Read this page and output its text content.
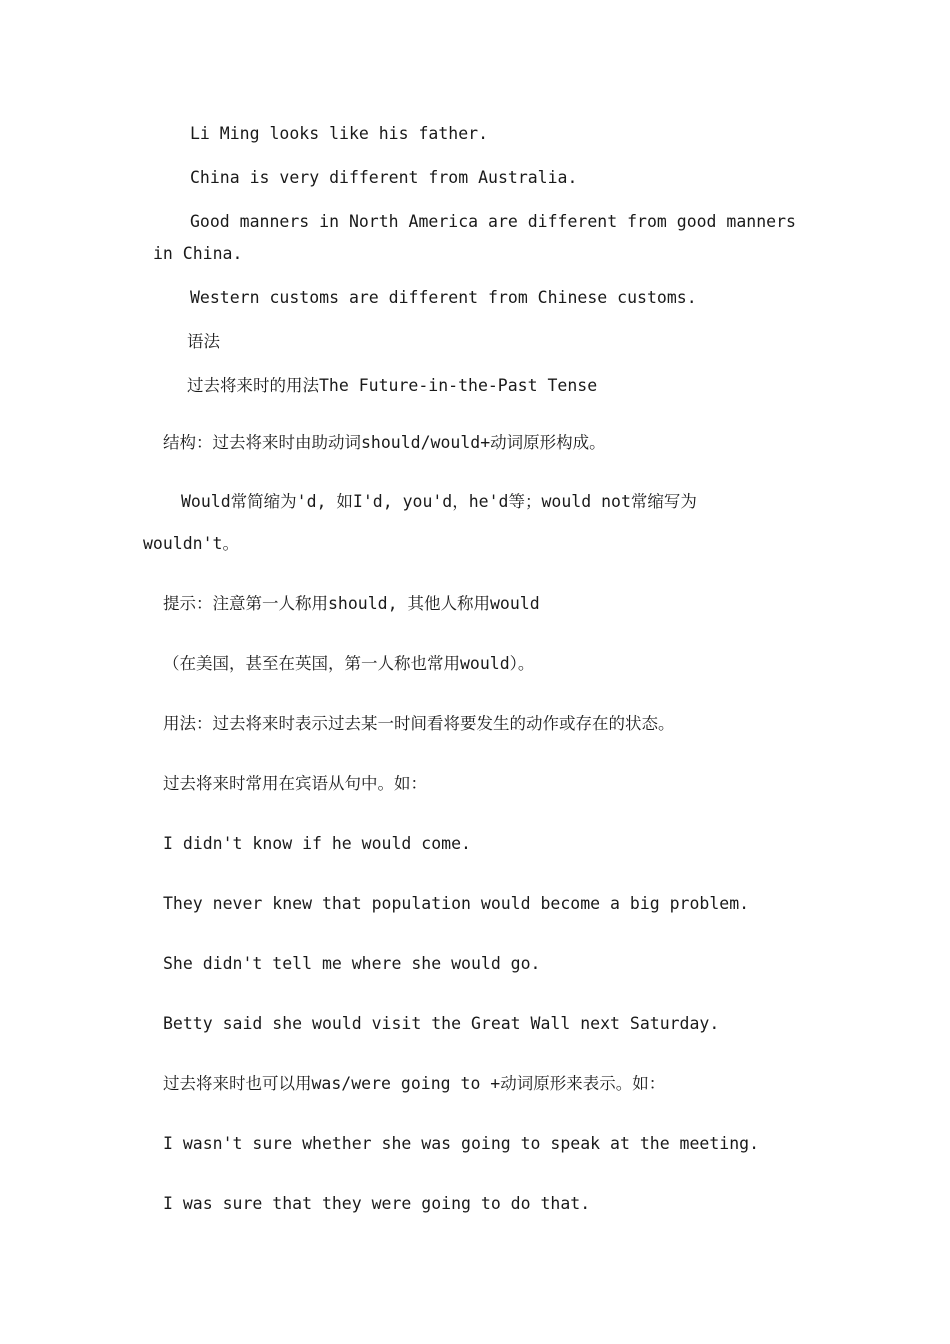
Li Ming looks like his father.
China is very different from Australia.
Good manners in North America are different from good manners
in China.
Western customs are different from Chinese customs.
语法
过去将来时的用法The Future-in-the-Past Tense
结构：过去将来时由助动词should/would+动词原形构成。
Would常简缩为'd, 如I'd, you'd，he'd等；would not常缩写为
wouldn't。
提示：注意第一人称用should, 其他人称用would
（在美国，甚至在英国，第一人称也常用would）。
用法：过去将来时表示过去某一时间看将要发生的动作或存在的状态。
过去将来时常用在宾语从句中。如：
I didn't know if he would come.
They never knew that population would become a big problem.
She didn't tell me where she would go.
Betty said she would visit the Great Wall next Saturday.
过去将来时也可以用was/were going to +动词原形来表示。如：
I wasn't sure whether she was going to speak at the meeting.
I was sure that they were going to do that.
